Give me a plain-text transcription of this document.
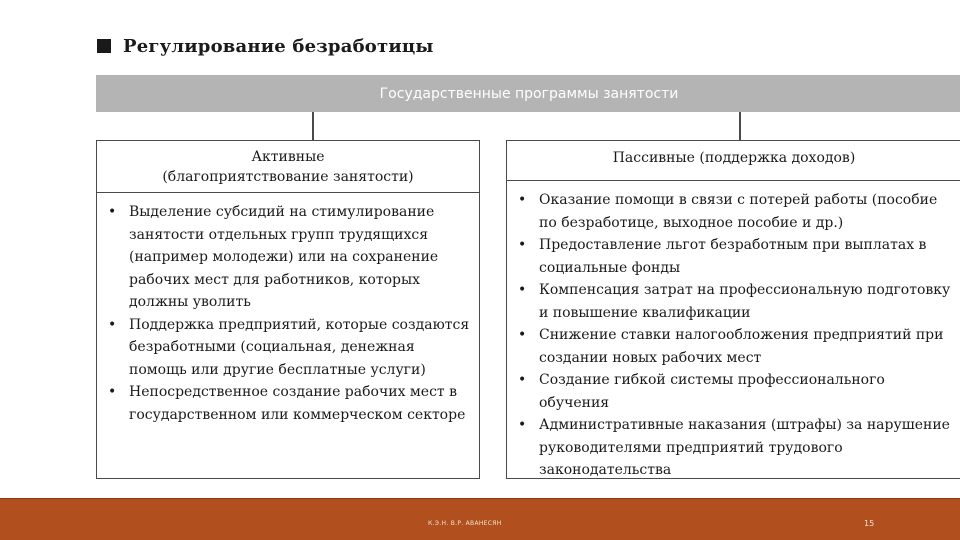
Регулирование безработицы
Государственные программы занятости
Активные
(благоприятствование занятости)
• Выделение субсидий на стимулирование занятости отдельных групп трудящихся (например молодежи) или на сохранение рабочих мест для работников, которых должны уволить
• Поддержка предприятий, которые создаются безработными (социальная, денежная помощь или другие бесплатные услуги)
• Непосредственное создание рабочих мест в государственном или коммерческом секторе
Пассивные (поддержка доходов)
• Оказание помощи в связи с потерей работы (пособие по безработице, выходное пособие и др.)
• Предоставление льгот безработным при выплатах в социальные фонды
• Компенсация затрат на профессиональную подготовку и повышение квалификации
• Снижение ставки налогообложения предприятий при создании новых рабочих мест
• Создание гибкой системы профессионального обучения
• Административные наказания (штрафы) за нарушение руководителями предприятий трудового законодательства
К.Э.Н. В.Р. АВАНЕСЯН	15
